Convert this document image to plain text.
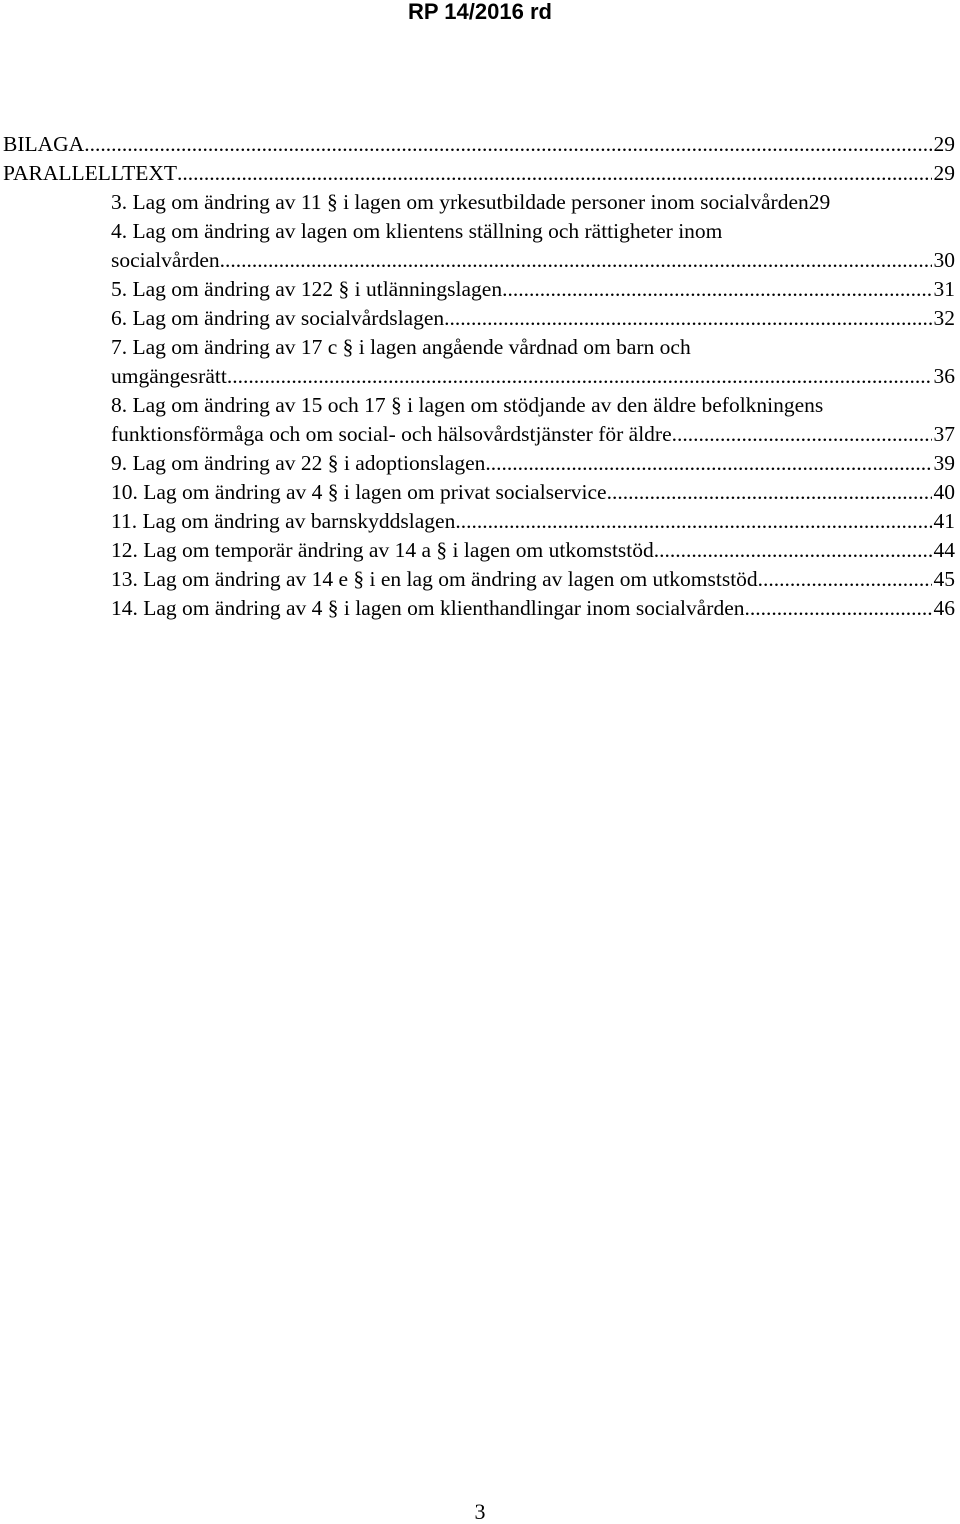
RP 14/2016 rd
BILAGA .....	29
PARALLELLTEXT .....	29
3. Lag om ändring av 11 § i lagen om yrkesutbildade personer inom socialvården 29
4. Lag om ändring av lagen om klientens ställning och rättigheter inom
socialvården .....	30
5. Lag om ändring av 122 § i utlänningslagen .....	31
6. Lag om ändring av socialvårdslagen .....	32
7. Lag om ändring av 17 c § i lagen angående vårdnad om barn och
umgängesrätt .....	36
8. Lag om ändring av 15 och 17 § i lagen om stödjande av den äldre befolkningens
funktionsförmåga och om social- och hälsovårdstjänster för äldre .....	37
9. Lag om ändring av 22 § i adoptionslagen .....	39
10. Lag om ändring av 4 § i lagen om privat socialservice .....	40
11. Lag om ändring av barnskyddslagen .....	41
12. Lag om temporär ändring av 14 a § i lagen om utkomststöd .....	44
13. Lag om ändring av 14 e § i en lag om ändring av lagen om utkomststöd .....	45
14. Lag om ändring av 4 § i lagen om klienthandlingar inom socialvården .....	46
3
